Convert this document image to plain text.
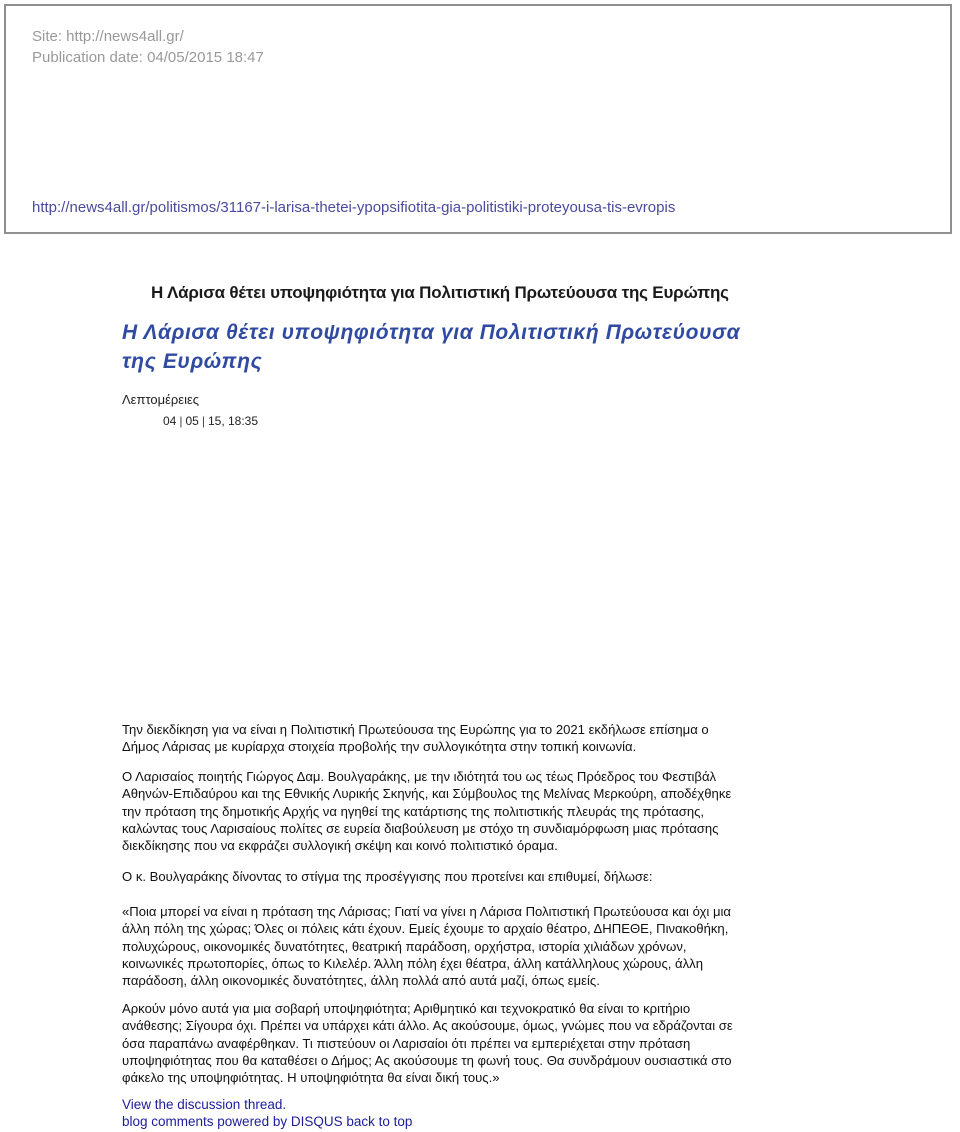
Site: http://news4all.gr/
Publication date: 04/05/2015 18:47
http://news4all.gr/politismos/31167-i-larisa-thetei-ypopsifiotita-gia-politistiki-proteyousa-tis-evropis
Η Λάρισα θέτει υποψηφιότητα για Πολιτιστική Πρωτεύουσα της Ευρώπης
Η Λάρισα θέτει υποψηφιότητα για Πολιτιστική Πρωτεύουσα
της Ευρώπης
Λεπτομέρειες
04 | 05 | 15, 18:35
Την διεκδίκηση για να είναι η Πολιτιστική Πρωτεύουσα της Ευρώπης για το 2021 εκδήλωσε επίσημα ο
Δήμος Λάρισας με κυρίαρχα στοιχεία προβολής την συλλογικότητα στην τοπική κοινωνία.
Ο Λαρισαίος ποιητής Γιώργος Δαμ. Βουλγαράκης, με την ιδιότητά του ως τέως Πρόεδρος του Φεστιβάλ
Αθηνών-Επιδαύρου και της Εθνικής Λυρικής Σκηνής, και Σύμβουλος της Μελίνας Μερκούρη, αποδέχθηκε
την πρόταση της δημοτικής Αρχής να ηγηθεί της κατάρτισης της πολιτιστικής πλευράς της πρότασης,
καλώντας τους Λαρισαίους πολίτες σε ευρεία διαβούλευση με στόχο τη συνδιαμόρφωση μιας πρότασης
διεκδίκησης που να εκφράζει συλλογική σκέψη και κοινό πολιτιστικό όραμα.
Ο κ. Βουλγαράκης δίνοντας το στίγμα της προσέγγισης που προτείνει και επιθυμεί, δήλωσε:
«Ποια μπορεί να είναι η πρόταση της Λάρισας; Γιατί να γίνει η Λάρισα Πολιτιστική Πρωτεύουσα και όχι μια
άλλη πόλη της χώρας; Όλες οι πόλεις κάτι έχουν. Εμείς έχουμε το αρχαίο θέατρο, ΔΗΠΕΘΕ, Πινακοθήκη,
πολυχώρους, οικονομικές δυνατότητες, θεατρική παράδοση, ορχήστρα, ιστορία χιλιάδων χρόνων,
κοινωνικές πρωτοπορίες, όπως το Κιλελέρ. Άλλη πόλη έχει θέατρα, άλλη κατάλληλους χώρους, άλλη
παράδοση, άλλη οικονομικές δυνατότητες, άλλη πολλά από αυτά μαζί, όπως εμείς.
Αρκούν μόνο αυτά για μια σοβαρή υποψηφιότητα; Αριθμητικό και τεχνοκρατικό θα είναι το κριτήριο
ανάθεσης; Σίγουρα όχι. Πρέπει να υπάρχει κάτι άλλο. Ας ακούσουμε, όμως, γνώμες που να εδράζονται σε
όσα παραπάνω αναφέρθηκαν. Τι πιστεύουν οι Λαρισαίοι ότι πρέπει να εμπεριέχεται στην πρόταση
υποψηφιότητας που θα καταθέσει ο Δήμος; Ας ακούσουμε τη φωνή τους. Θα συνδράμουν ουσιαστικά στο
φάκελο της υποψηφιότητας. Η υποψηφιότητα θα είναι δική τους.»
View the discussion thread.
blog comments powered by DISQUS back to top
